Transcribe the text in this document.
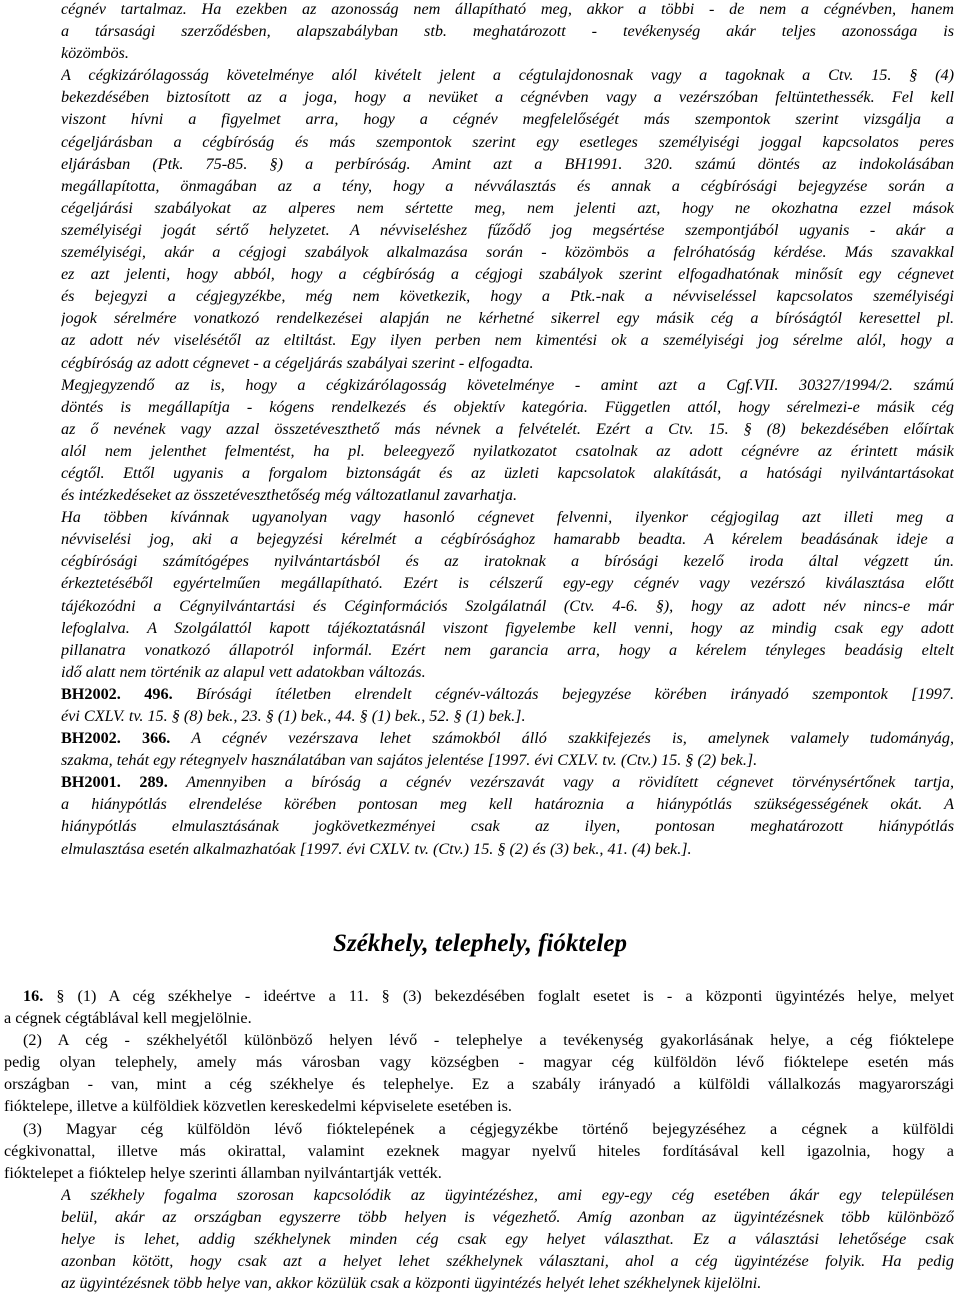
cégnév tartalmaz. Ha ezekben az azonosság nem állapítható meg, akkor a többi - de nem a cégnévben, hanem
a társasági szerződésben, alapszabályban stb. meghatározott - tevékenység akár teljes azonossága is
közömbös.
A cégkizárólagosság követelménye alól kivételt jelent a cégtulajdonosnak vagy a tagoknak a Ctv. 15. § (4)
bekezdésében biztosított az a joga, hogy a nevüket a cégnévben vagy a vezérszóban feltüntethessék. Fel kell
viszont hívni a figyelmet arra, hogy a cégnév megfelelőségét más szempontok szerint vizsgálja a
cégeljárásban a cégbíróság és más szempontok szerint egy esetleges személyiségi joggal kapcsolatos peres
eljárásban (Ptk. 75-85. §) a perbíróság. Amint azt a BH1991. 320. számú döntés az indokolásában
megállapította, önmagában az a tény, hogy a névválasztás és annak a cégbírósági bejegyzése során a
cégeljárási szabályokat az alperes nem sértette meg, nem jelenti azt, hogy ne okozhatna ezzel mások
személyiségi jogát sértő helyzetet. A névviseléshez fűződő jog megsértése szempontjából ugyanis - akár a
személyiségi, akár a cégjogi szabályok alkalmazása során - közömbös a felróhatóság kérdése. Más szavakkal
ez azt jelenti, hogy abból, hogy a cégbíróság a cégjogi szabályok szerint elfogadhatónak minősít egy cégnevet
és bejegyzi a cégjegyzékbe, még nem következik, hogy a Ptk.-nak a névviseléssel kapcsolatos személyiségi
jogok sérelmére vonatkozó rendelkezései alapján ne kérhetné sikerrel egy másik cég a bíróságtól keresettel pl.
az adott név viselésétől az eltiltást. Egy ilyen perben nem kimentési ok a személyiségi jog sérelme alól, hogy a
cégbíróság az adott cégnevet - a cégeljárás szabályai szerint - elfogadta.
Megjegyzendő az is, hogy a cégkizárólagosság követelménye - amint azt a Cgf.VII. 30327/1994/2. számú
döntés is megállapítja - kógens rendelkezés és objektív kategória. Független attól, hogy sérelmezi-e másik cég
az ő nevének vagy azzal összetéveszthető más névnek a felvételét. Ezért a Ctv. 15. § (8) bekezdésében előírtak
alól nem jelenthet felmentést, ha pl. beleegyező nyilatkozatot csatolnak az adott cégnévre az érintett másik
cégtől. Ettől ugyanis a forgalom biztonságát és az üzleti kapcsolatok alakítását, a hatósági nyilvántartásokat
és intézkedéseket az összetéveszthetőség még változatlanul zavarhatja.
Ha többen kívánnak ugyanolyan vagy hasonló cégnevet felvenni, ilyenkor cégjogilag azt illeti meg a
névviselési jog, aki a bejegyzési kérelmét a cégbírósághoz hamarabb beadta. A kérelem beadásának ideje a
cégbírósági számítógépes nyilvántartásból és az iratoknak a bírósági kezelő iroda által végzett ún.
érkeztetéséből egyértelműen megállapítható. Ezért is célszerű egy-egy cégnév vagy vezérszó kiválasztása előtt
tájékozódni a Cégnyilvántartási és Céginformációs Szolgálatnál (Ctv. 4-6. §), hogy az adott név nincs-e már
lefoglalva. A Szolgálattól kapott tájékoztatásnál viszont figyelembe kell venni, hogy az mindig csak egy adott
pillanatra vonatkozó állapotról informál. Ezért nem garancia arra, hogy a kérelem tényleges beadásig eltelt
idő alatt nem történik az alapul vett adatokban változás.
BH2002. 496. Bírósági ítéletben elrendelt cégnév-változás bejegyzése körében irányadó szempontok [1997.
évi CXLV. tv. 15. § (8) bek., 23. § (1) bek., 44. § (1) bek., 52. § (1) bek.].
BH2002. 366. A cégnév vezérszava lehet számokból álló szakkifejezés is, amelynek valamely tudományág,
szakma, tehát egy rétegnyelv használatában van sajátos jelentése [1997. évi CXLV. tv. (Ctv.) 15. § (2) bek.].
BH2001. 289. Amennyiben a bíróság a cégnév vezérszavát vagy a rövidített cégnevet törvénysértőnek tartja,
a hiánypótlás elrendelése körében pontosan meg kell határoznia a hiánypótlás szükségességének okát. A
hiánypótlás elmulasztásának jogkövetkezményei csak az ilyen, pontosan meghatározott hiánypótlás
elmulasztása esetén alkalmazhatóak [1997. évi CXLV. tv. (Ctv.) 15. § (2) és (3) bek., 41. (4) bek.].
Székhely, telephely, fióktelep
16. § (1) A cég székhelye - ideértve a 11. § (3) bekezdésében foglalt esetet is - a központi ügyintézés helye, melyet
a cégnek cégtáblával kell megjelölnie.
(2) A cég - székhelyétől különböző helyen lévő - telephelye a tevékenység gyakorlásának helye, a cég fióktelepe
pedig olyan telephely, amely más városban vagy községben - magyar cég külföldön lévő fióktelepe esetén más
országban - van, mint a cég székhelye és telephelye. Ez a szabály irányadó a külföldi vállalkozás magyarországi
fióktelepe, illetve a külföldiek közvetlen kereskedelmi képviselete esetében is.
(3) Magyar cég külföldön lévő fióktelepének a cégjegyzékbe történő bejegyzéséhez a cégnek a külföldi
cégkivonattal, illetve más okirattal, valamint ezeknek magyar nyelvű hiteles fordításával kell igazolnia, hogy a
fióktelepet a fióktelep helye szerinti államban nyilvántartják vették.
A székhely fogalma szorosan kapcsolódik az ügyintézéshez, ami egy-egy cég esetében ákár egy településen
belül, akár az országban egyszerre több helyen is végezhető. Amíg azonban az ügyintézésnek több különböző
helye is lehet, addig székhelynek minden cég csak egy helyet választhat. Ez a választási lehetősége csak
azonban kötött, hogy csak azt a helyet lehet székhelynek választani, ahol a cég ügyintézése folyik. Ha pedig
az ügyintézésnek több helye van, akkor közülük csak a központi ügyintézés helyét lehet székhelynek kijelölni.
